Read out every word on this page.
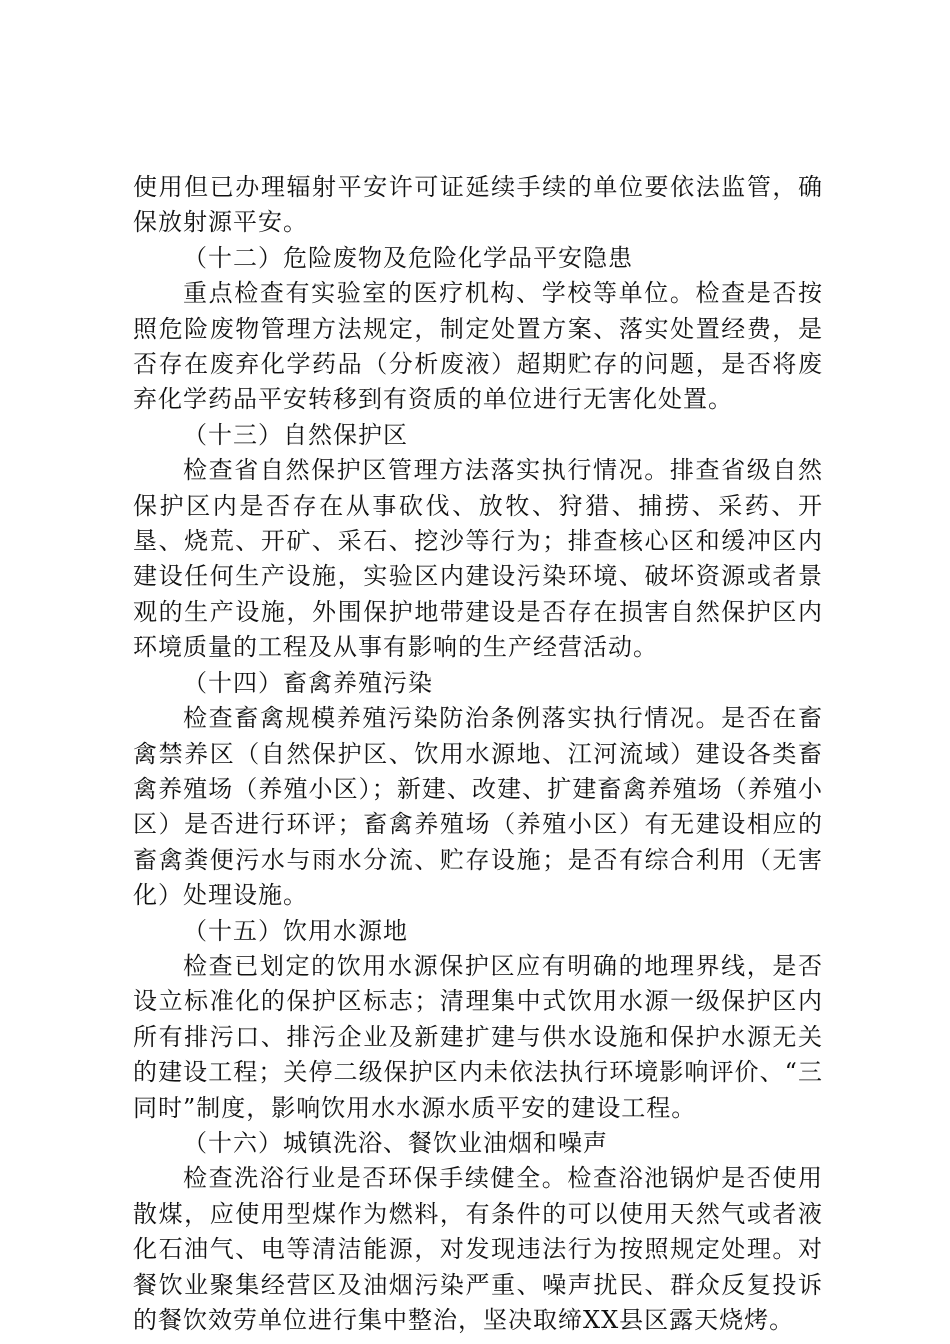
使用但已办理辐射平安许可证延续手续的单位要依法监管，确保放射源平安。

（十二）危险废物及危险化学品平安隐患

重点检查有实验室的医疗机构、学校等单位。检查是否按照危险废物管理方法规定，制定处置方案、落实处置经费，是否存在废弃化学药品（分析废液）超期贮存的问题，是否将废弃化学药品平安转移到有资质的单位进行无害化处置。

（十三）自然保护区

检查省自然保护区管理方法落实执行情况。排查省级自然保护区内是否存在从事砍伐、放牧、狩猎、捕捞、采药、开垦、烧荒、开矿、采石、挖沙等行为；排查核心区和缓冲区内建设任何生产设施，实验区内建设污染环境、破坏资源或者景观的生产设施，外围保护地带建设是否存在损害自然保护区内环境质量的工程及从事有影响的生产经营活动。

（十四）畜禽养殖污染

检查畜禽规模养殖污染防治条例落实执行情况。是否在畜禽禁养区（自然保护区、饮用水源地、江河流域）建设各类畜禽养殖场（养殖小区）；新建、改建、扩建畜禽养殖场（养殖小区）是否进行环评；畜禽养殖场（养殖小区）有无建设相应的畜禽粪便污水与雨水分流、贮存设施；是否有综合利用（无害化）处理设施。

（十五）饮用水源地

检查已划定的饮用水源保护区应有明确的地理界线，是否设立标准化的保护区标志；清理集中式饮用水源一级保护区内所有排污口、排污企业及新建扩建与供水设施和保护水源无关的建设工程；关停二级保护区内未依法执行环境影响评价、“三同时”制度，影响饮用水水源水质平安的建设工程。

（十六）城镇洗浴、餐饮业油烟和噪声

检查洗浴行业是否环保手续健全。检查浴池锅炉是否使用散煤，应使用型煤作为燃料，有条件的可以使用天然气或者液化石油气、电等清洁能源，对发现违法行为按照规定处理。对餐饮业聚集经营区及油烟污染严重、噪声扰民、群众反复投诉的餐饮效劳单位进行集中整治，坚决取缔XX县区露天烧烤。
